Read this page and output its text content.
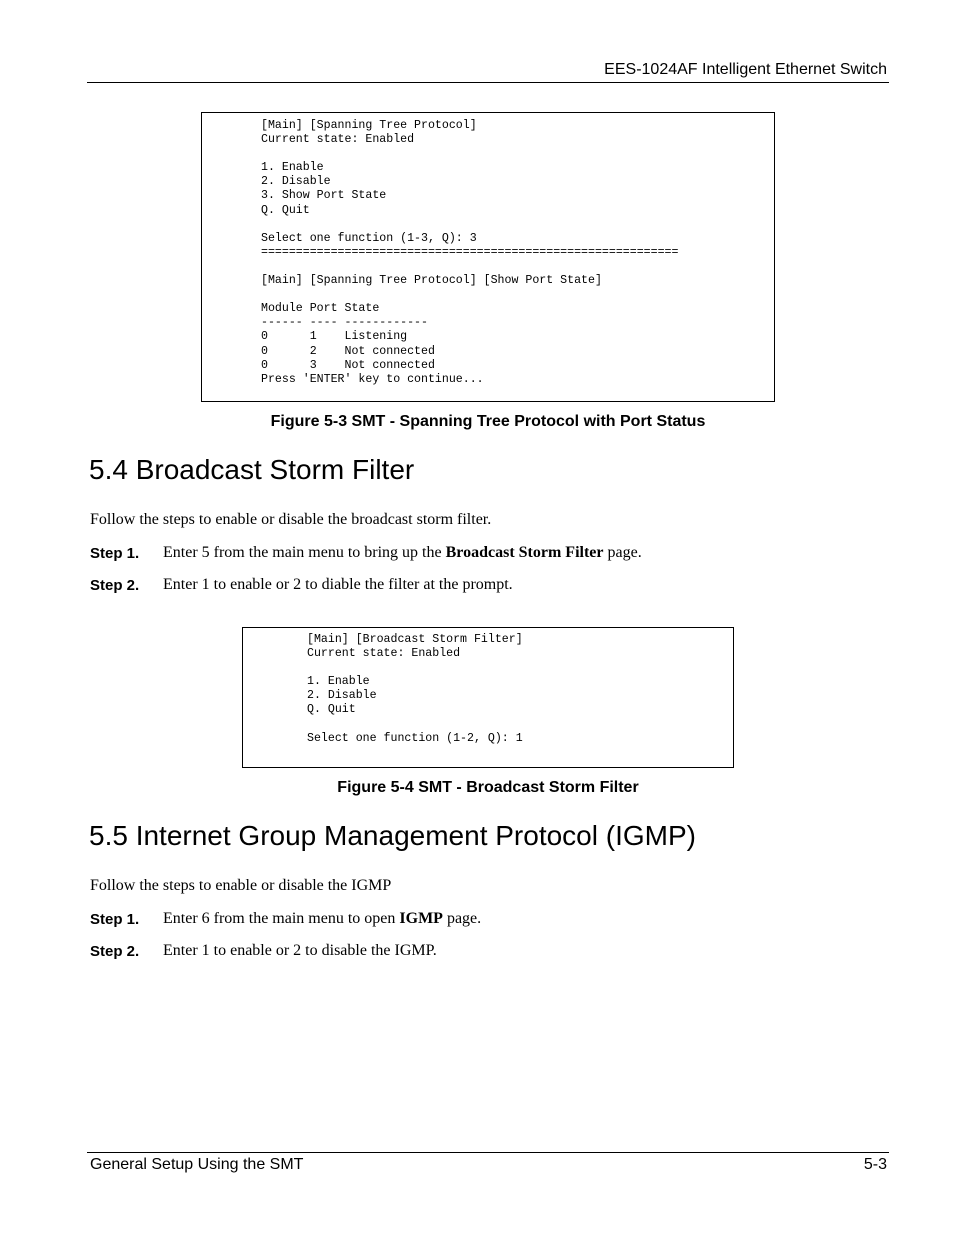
EES-1024AF Intelligent Ethernet Switch
[Main] [Spanning Tree Protocol]
Current state: Enabled

1. Enable
2. Disable
3. Show Port State
Q. Quit

Select one function (1-3, Q): 3
============================================================

[Main] [Spanning Tree Protocol] [Show Port State]

Module Port State
------ ---- ------------
0      1    Listening
0      2    Not connected
0      3    Not connected
Press 'ENTER' key to continue...
Figure 5-3 SMT - Spanning Tree Protocol with Port Status
5.4 Broadcast Storm Filter
Follow the steps to enable or disable the broadcast storm filter.
Step 1. Enter 5 from the main menu to bring up the Broadcast Storm Filter page.
Step 2. Enter 1 to enable or 2 to diable the filter at the prompt.
[Main] [Broadcast Storm Filter]
Current state: Enabled

1. Enable
2. Disable
Q. Quit

Select one function (1-2, Q): 1
Figure 5-4 SMT - Broadcast Storm Filter
5.5 Internet Group Management Protocol (IGMP)
Follow the steps to enable or disable the IGMP
Step 1. Enter 6 from the main menu to open IGMP page.
Step 2. Enter 1 to enable or 2 to disable the IGMP.
General Setup Using the SMT	5-3
